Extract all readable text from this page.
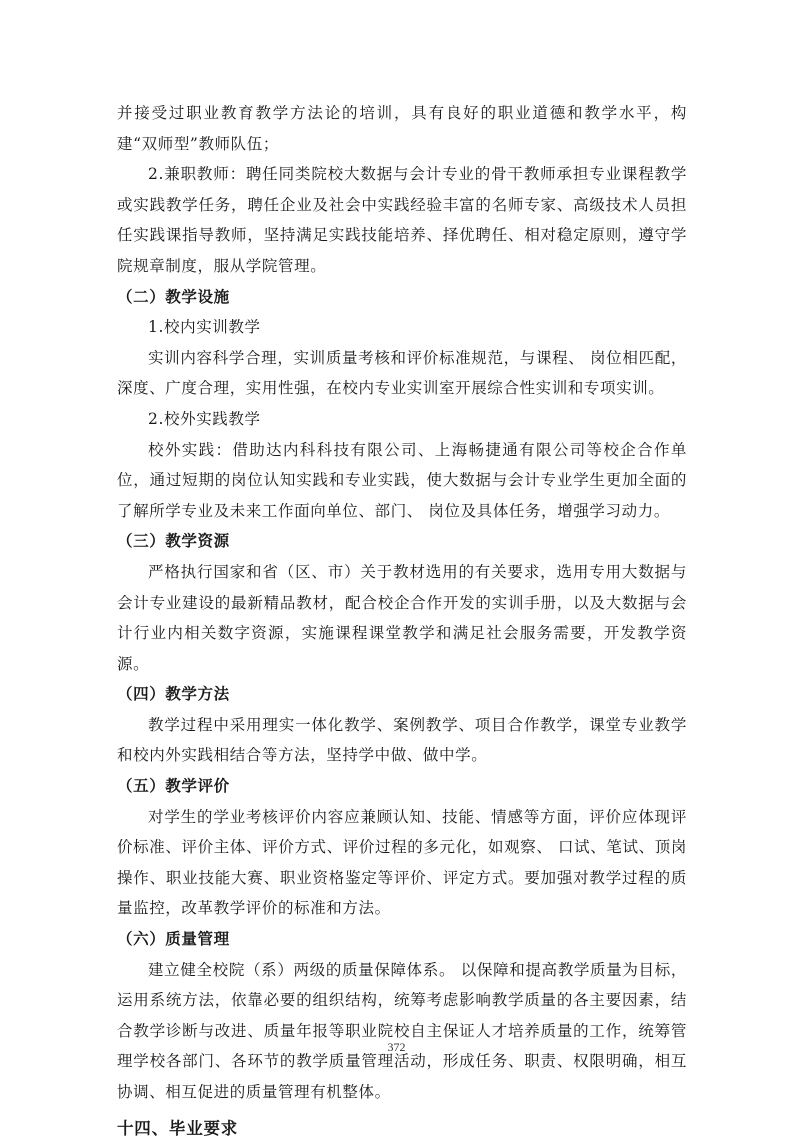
并接受过职业教育教学方法论的培训，具有良好的职业道德和教学水平，构建“双师型”教师队伍；

2.兼职教师：聘任同类院校大数据与会计专业的骨干教师承担专业课程教学或实践教学任务，聘任企业及社会中实践经验丰富的名师专家、高级技术人员担任实践课指导教师，坚持满足实践技能培养、择优聘任、相对稳定原则，遵守学院规章制度，服从学院管理。

（二）教学设施

1.校内实训教学

实训内容科学合理，实训质量考核和评价标准规范，与课程、 岗位相匹配，深度、广度合理，实用性强，在校内专业实训室开展综合性实训和专项实训。

2.校外实践教学

校外实践：借助达内科科技有限公司、上海畅捷通有限公司等校企合作单位，通过短期的岗位认知实践和专业实践，使大数据与会计专业学生更加全面的了解所学专业及未来工作面向单位、部门、 岗位及具体任务，增强学习动力。

（三）教学资源

严格执行国家和省（区、市）关于教材选用的有关要求，选用专用大数据与会计专业建设的最新精品教材，配合校企合作开发的实训手册，以及大数据与会计行业内相关数字资源，实施课程课堂教学和满足社会服务需要，开发教学资源。

（四）教学方法

教学过程中采用理实一体化教学、案例教学、项目合作教学，课堂专业教学和校内外实践相结合等方法，坚持学中做、做中学。

（五）教学评价

对学生的学业考核评价内容应兼顾认知、技能、情感等方面，评价应体现评价标准、评价主体、评价方式、评价过程的多元化，如观察、 口试、笔试、顶岗操作、职业技能大赛、职业资格鉴定等评价、评定方式。要加强对教学过程的质量监控，改革教学评价的标准和方法。

（六）质量管理

建立健全校院（系）两级的质量保障体系。 以保障和提高教学质量为目标，运用系统方法，依靠必要的组织结构，统筹考虑影响教学质量的各主要因素，结合教学诊断与改进、质量年报等职业院校自主保证人才培养质量的工作，统筹管理学校各部门、各环节的教学质量管理活动，形成任务、职责、权限明确，相互协调、相互促进的质量管理有机整体。

十四、毕业要求

372
